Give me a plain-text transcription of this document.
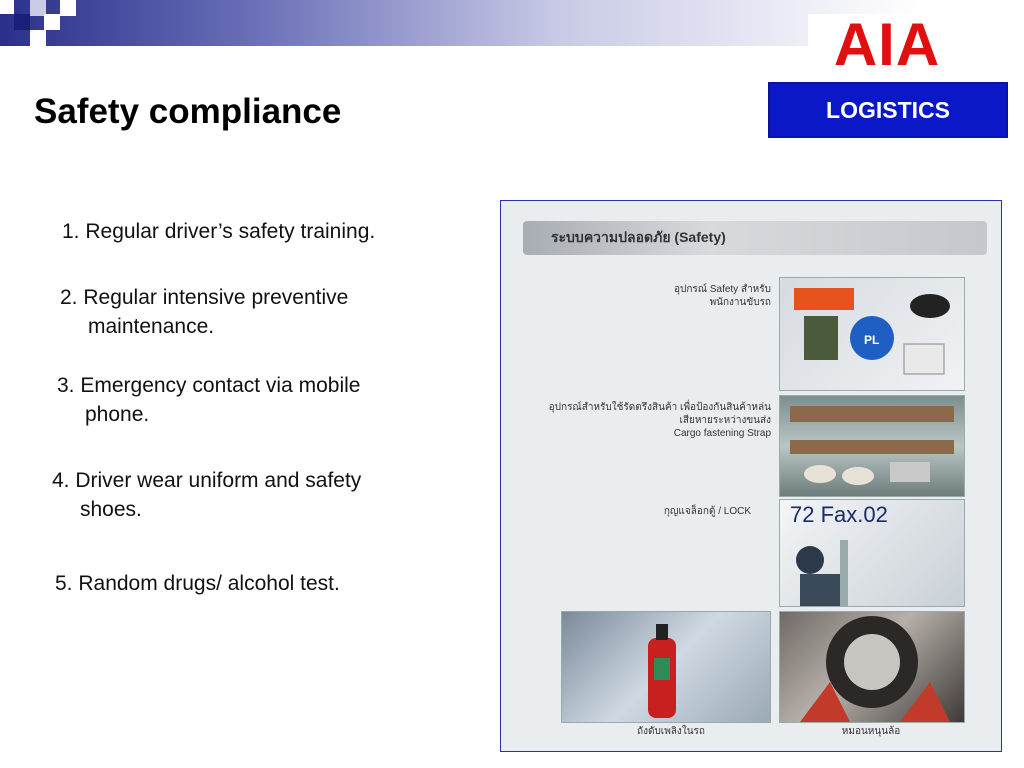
AIA
LOGISTICS
Safety compliance
1. Regular driver’s safety training.
2. Regular intensive preventive
maintenance.
3. Emergency contact via mobile
phone.
4. Driver wear uniform and safety
shoes.
5. Random drugs/ alcohol test.
ระบบความปลอดภัย (Safety)
อุปกรณ์ Safety สำหรับ พนักงานขับรถ
PL
อุปกรณ์สำหรับใช้รัดตรึงสินค้า เพื่อป้องกันสินค้าหล่นเสียหายระหว่างขนส่ง
Cargo fastening Strap
กุญแจล็อกตู้ / LOCK 72 Fax.02
ถังดับเพลิงในรถ	หมอนหนุนล้อ
